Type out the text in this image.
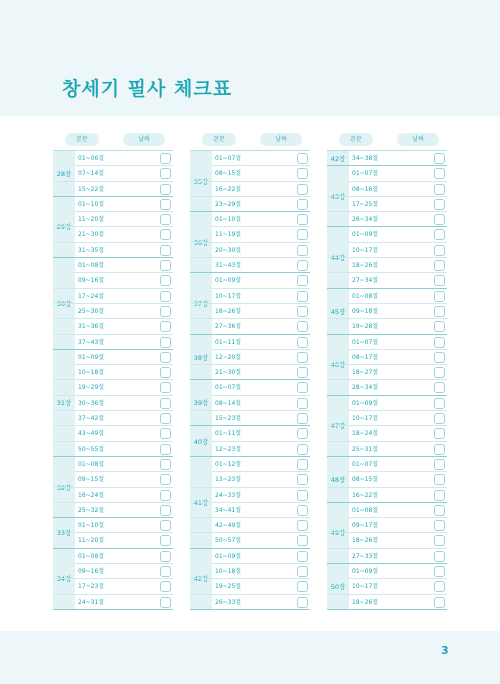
창세기 필사 체크표
본문	날짜
28장
01~06절
07~14절
15~22절
29장
01~10절
11~20절
21~30절
31~35절
30장
01~08절
09~16절
17~24절
25~30절
31~36절
37~43절
31장
01~09절
10~18절
19~29절
30~36절
37~42절
43~49절
50~55절
32장
01~08절
09~15절
16~24절
25~32절
33장
01~10절
11~20절
34장
01~08절
09~16절
17~23절
24~31절
본문	날짜
35장
01~07절
08~15절
16~22절
23~29절
36장
01~10절
11~19절
20~30절
31~43절
37장
01~09절
10~17절
18~26절
27~36절
38장
01~11절
12~20절
21~30절
39장
01~07절
08~14절
15~23절
40장
01~11절
12~23절
41장
01~12절
13~23절
24~33절
34~41절
42~49절
50~57절
42장
01~09절
10~18절
19~25절
26~33절
본문	날짜
42장	34~38절
43장
01~07절
08~16절
17~25절
26~34절
44장
01~09절
10~17절
18~26절
27~34절
45장
01~08절
09~18절
19~28절
46장
01~07절
08~17절
18~27절
28~34절
47장
01~09절
10~17절
18~24절
25~31절
48장
01~07절
08~15절
16~22절
49장
01~08절
09~17절
18~26절
27~33절
50장
01~09절
10~17절
18~26절
3
